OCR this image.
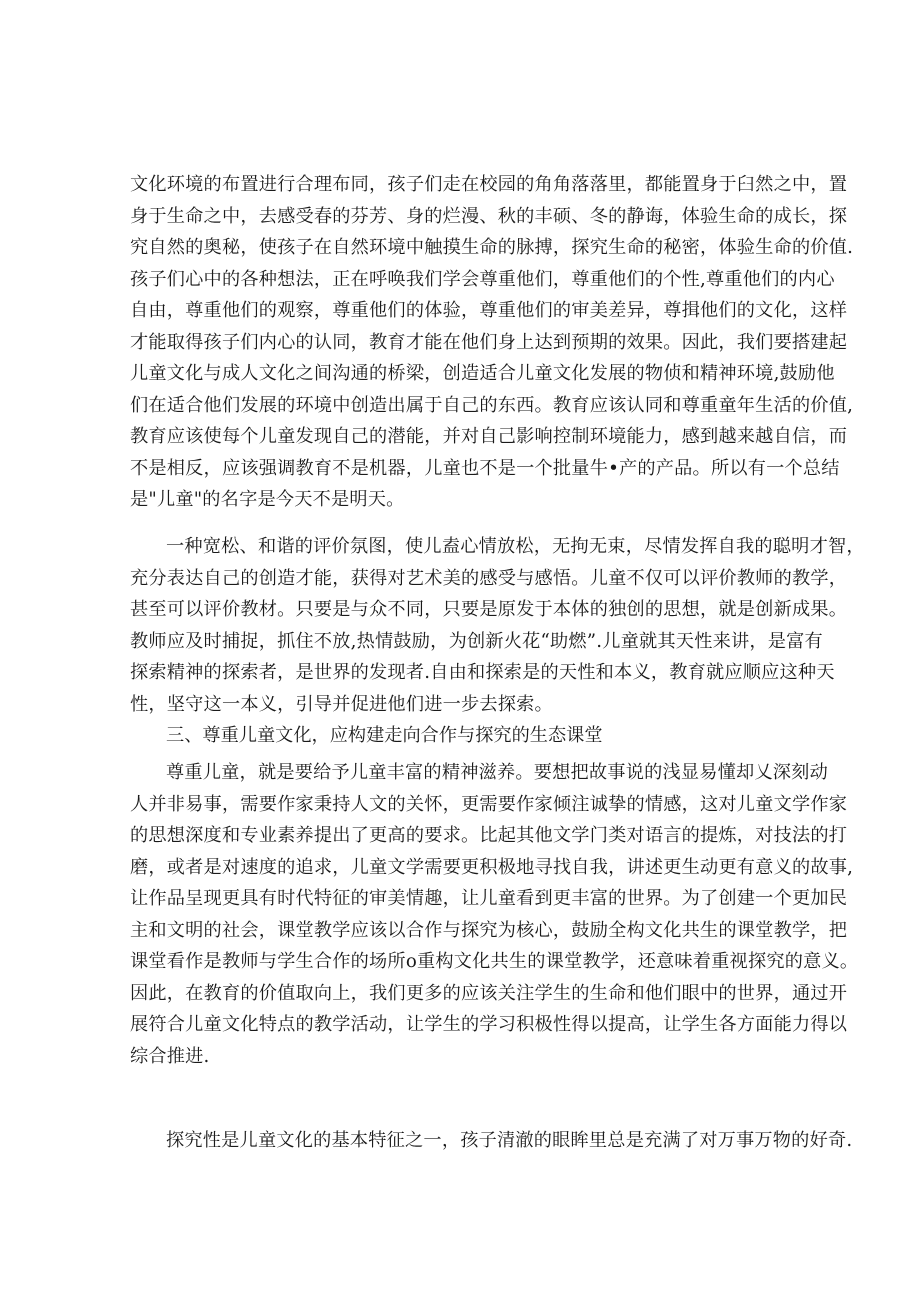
文化环境的布置进行合理布同，孩子们走在校园的角角落落里，都能置身于臼然之中，置
身于生命之中，去感受春的芬芳、身的烂漫、秋的丰硕、冬的静诲，体验生命的成长，探
究自然的奥秘，使孩子在自然环境中触摸生命的脉搏，探究生命的秘密，体验生命的价值.
孩子们心中的各种想法，正在呼唤我们学会尊重他们，尊重他们的个性,尊重他们的内心
自由，尊重他们的观察，尊重他们的体验，尊重他们的审美差异，尊揖他们的文化，这样
才能取得孩子们内心的认同，教育才能在他们身上达到预期的效果。因此，我们要搭建起
儿童文化与成人文化之间沟通的桥梁，创造适合儿童文化发展的物侦和精神环境,鼓励他
们在适合他们发展的环境中创造出属于自己的东西。教育应该认同和尊重童年生活的价值,
教育应该使每个儿童发现自己的潜能，并对自己影响控制环境能力，感到越来越自信，而
不是相反，应该强调教育不是机器，儿童也不是一个批量牛•产的产品。所以有一个总结
是"儿童"的名字是今天不是明天。
一种宽松、和谐的评价氛图，使儿盍心情放松，无拘无束，尽情发挥自我的聪明才智，
充分表达自己的创造才能，获得对艺术美的感受与感悟。儿童不仅可以评价教师的教学，
甚至可以评价教材。只要是与众不同，只要是原发于本体的独创的思想，就是创新成果。
教师应及时捕捉，抓住不放,热情鼓励，为创新火花“助燃”.儿童就其天性来讲，是富有
探索精神的探索者，是世界的发现者.自由和探索是的天性和本义，教育就应顺应这种天
性，坚守这一本义，引导并促进他们进一步去探索。
三、尊重儿童文化，应构建走向合作与探究的生态课堂
尊重儿童，就是要给予儿童丰富的精神滋养。要想把故事说的浅显易懂却乂深刻动
人并非易事，需要作家秉持人文的关怀，更需要作家倾注诚挚的情感，这对儿童文学作家
的思想深度和专业素养提出了更高的要求。比起其他文学门类对语言的提炼，对技法的打
磨，或者是对速度的追求，儿童文学需要更积极地寻找自我，讲述更生动更有意义的故事,
让作品呈现更具有时代特征的审美情趣，让儿童看到更丰富的世界。为了创建一个更加民
主和文明的社会，课堂教学应该以合作与探究为核心，鼓励全构文化共生的课堂教学，把
课堂看作是教师与学生合作的场所o重构文化共生的课堂教学，还意味着重视探究的意义。
因此，在教育的价值取向上，我们更多的应该关注学生的生命和他们眼中的世界，通过开
展符合儿童文化特点的教学活动，让学生的学习积极性得以提高，让学生各方面能力得以
综合推进.
探究性是儿童文化的基本特征之一，孩子清澈的眼眸里总是充满了对万事万物的好奇.
